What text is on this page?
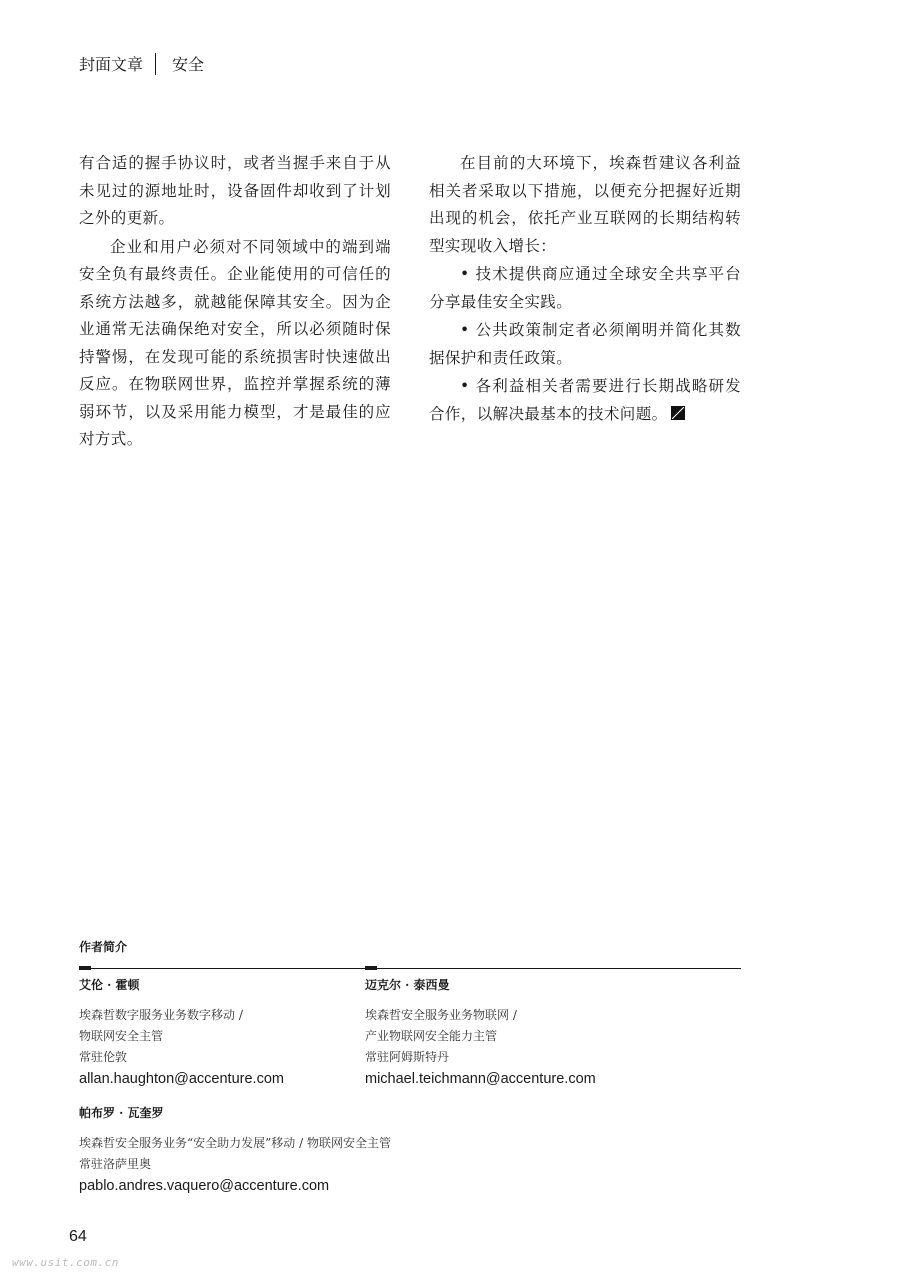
封面文章 安全

有合适的握手协议时，或者当握手来自于从未见过的源地址时，设备固件却收到了计划之外的更新。

企业和用户必须对不同领域中的端到端安全负有最终责任。企业能使用的可信任的系统方法越多，就越能保障其安全。因为企业通常无法确保绝对安全，所以必须随时保持警惕，在发现可能的系统损害时快速做出反应。在物联网世界，监控并掌握系统的薄弱环节，以及采用能力模型，才是最佳的应对方式。

在目前的大环境下，埃森哲建议各利益相关者采取以下措施，以便充分把握好近期出现的机会，依托产业互联网的长期结构转型实现收入增长：

• 技术提供商应通过全球安全共享平台分享最佳安全实践。

• 公共政策制定者必须阐明并简化其数据保护和责任政策。

• 各利益相关者需要进行长期战略研发合作，以解决最基本的技术问题。

作者简介
艾伦 · 霍顿
埃森哲数字服务业务数字移动 /
物联网安全主管
常驻伦敦
allan.haughton@accenture.com
迈克尔 · 泰西曼
埃森哲安全服务业务物联网 /
产业物联网安全能力主管
常驻阿姆斯特丹
michael.teichmann@accenture.com
帕布罗 · 瓦奎罗
埃森哲安全服务业务“安全助力发展”移动 / 物联网安全主管
常驻洛萨里奥
pablo.andres.vaquero@accenture.com
64
www.usit.com.cn
